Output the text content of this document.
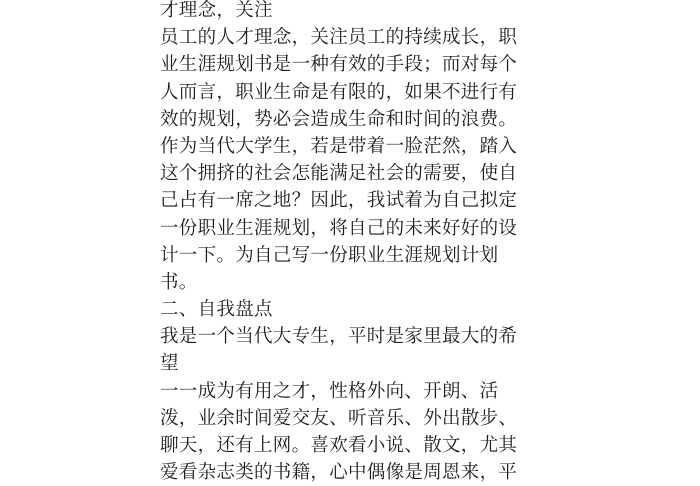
才理念，关注
员工的人才理念，关注员工的持续成长，职
业生涯规划书是一种有效的手段；而对每个
人而言，职业生命是有限的，如果不进行有
效的规划，势必会造成生命和时间的浪费。
作为当代大学生，若是带着一脸茫然，踏入
这个拥挤的社会怎能满足社会的需要，使自
己占有一席之地？因此，我试着为自己拟定
一份职业生涯规划，将自己的未来好好的设
计一下。为自己写一份职业生涯规划计划
书。
二、自我盘点
我是一个当代大专生，平时是家里最大的希
望
一一成为有用之才，性格外向、开朗、活
泼，业余时间爱交友、听音乐、外出散步、
聊天，还有上网。喜欢看小说、散文，尤其
爱看杂志类的书籍，心中偶像是周恩来，平
